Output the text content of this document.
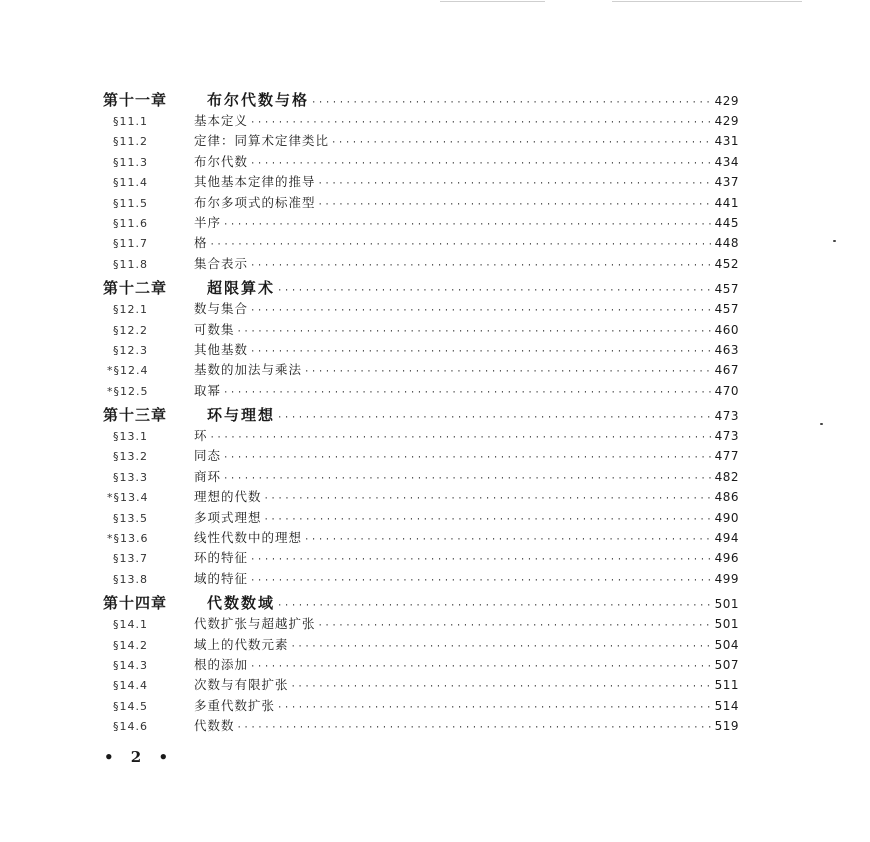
第十一章	布尔代数与格 ·····	429
§11.1	基本定义 ·····	429
§11.2	定律：同算术定律类比 ·····	431
§11.3	布尔代数 ·····	434
§11.4	其他基本定律的推导 ·····	437
§11.5	布尔多项式的标准型 ·····	441
§11.6	半序 ·····	445
§11.7	格 ·····	448
§11.8	集合表示 ·····	452
第十二章	超限算术 ·····	457
§12.1	数与集合 ·····	457
§12.2	可数集 ·····	460
§12.3	其他基数 ·····	463
*§12.4	基数的加法与乘法 ·····	467
*§12.5	取幂 ·····	470
第十三章	环与理想 ·····	473
§13.1	环 ·····	473
§13.2	同态 ·····	477
§13.3	商环 ·····	482
*§13.4	理想的代数 ·····	486
§13.5	多项式理想 ·····	490
*§13.6	线性代数中的理想 ·····	494
§13.7	环的特征 ·····	496
§13.8	域的特征 ·····	499
第十四章	代数数域 ·····	501
§14.1	代数扩张与超越扩张 ·····	501
§14.2	域上的代数元素 ·····	504
§14.3	根的添加 ·····	507
§14.4	次数与有限扩张 ·····	511
§14.5	多重代数扩张 ·····	514
§14.6	代数数 ·····	519
• 2 •
